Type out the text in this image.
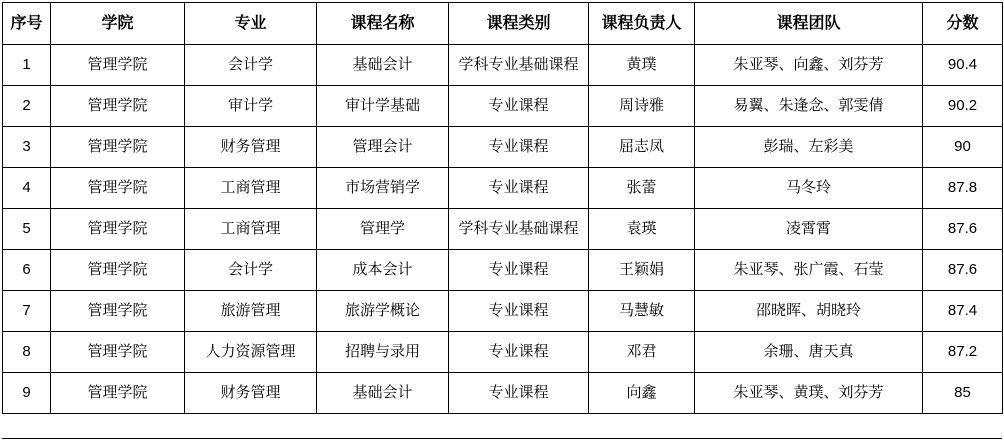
序号	学院	专业	课程名称	课程类别	课程负责人	课程团队	分数
1	管理学院	会计学	基础会计	学科专业基础课程	黄璞	朱亚琴、向鑫、刘芬芳	90.4
2	管理学院	审计学	审计学基础	专业课程	周诗雅	易翼、朱逢念、郭雯倩	90.2
3	管理学院	财务管理	管理会计	专业课程	屈志凤	彭瑞、左彩美	90
4	管理学院	工商管理	市场营销学	专业课程	张蕾	马冬玲	87.8
5	管理学院	工商管理	管理学	学科专业基础课程	袁瑛	凌霄霄	87.6
6	管理学院	会计学	成本会计	专业课程	王颖娟	朱亚琴、张广霞、石莹	87.6
7	管理学院	旅游管理	旅游学概论	专业课程	马慧敏	邵晓晖、胡晓玲	87.4
8	管理学院	人力资源管理	招聘与录用	专业课程	邓君	余珊、唐天真	87.2
9	管理学院	财务管理	基础会计	专业课程	向鑫	朱亚琴、黄璞、刘芬芳	85
